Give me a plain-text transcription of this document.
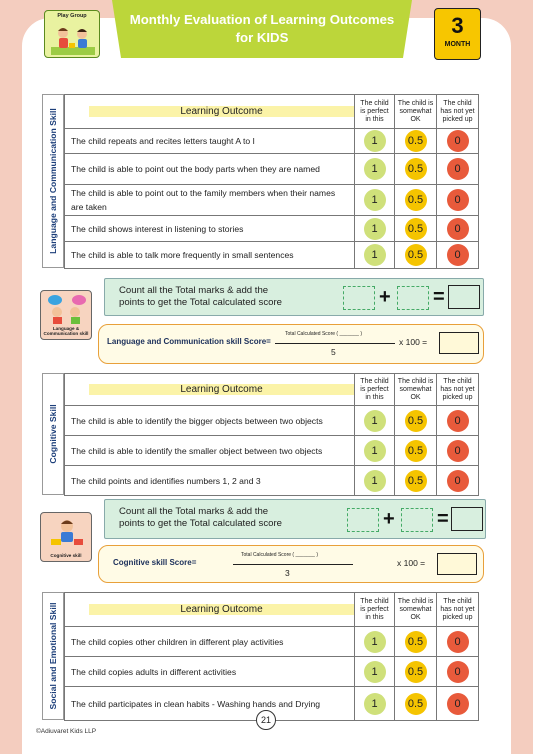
Play Group	Monthly Evaluation of Learning Outcomes
for KIDS	3
MONTH
Language and Communication Skill	Learning Outcome	The child
is perfect
in this	The child is
somewhat
OK	The child
has not yet
picked up
The child repeats and recites letters taught A to I	1	0.5	0
The child is able to point out the body parts when they are named	1	0.5	0
The child is able to point out to the family members when their names are taken	1	0.5	0
The child shows interest in listening to stories	1	0.5	0
The child is able to talk more frequently in small sentences	1	0.5	0
Count all the Total marks & add the
points to get the Total calculated score	+ =
Language & Communication skill
Language and Communication skill Score=
Total Calculated Score ( _______ )
5
x 100 =
Cognitive Skill
Learning Outcome	The child
is perfect
in this	The child is
somewhat
OK	The child
has not yet
picked up
The child is able to identify the bigger objects between two objects	1	0.5	0
The child is able to identify the smaller object between two objects	1	0.5	0
The child points and identifies numbers 1, 2 and 3	1	0.5	0
Count all the Total marks & add the
points to get the Total calculated score	+ =
Cognitive skill
Cognitive skill Score=
Total Calculated Score ( _______ )
3
x 100 =
Social and Emotional Skill	Learning Outcome	The child
is perfect
in this	The child is
somewhat
OK	The child
has not yet
picked up
The child copies other children in different play activities	1	0.5	0
The child copies adults in different activities	1	0.5	0
The child participates in clean habits - Washing hands and Drying	1	0.5	0
21
©Adiuvaret Kids LLP
